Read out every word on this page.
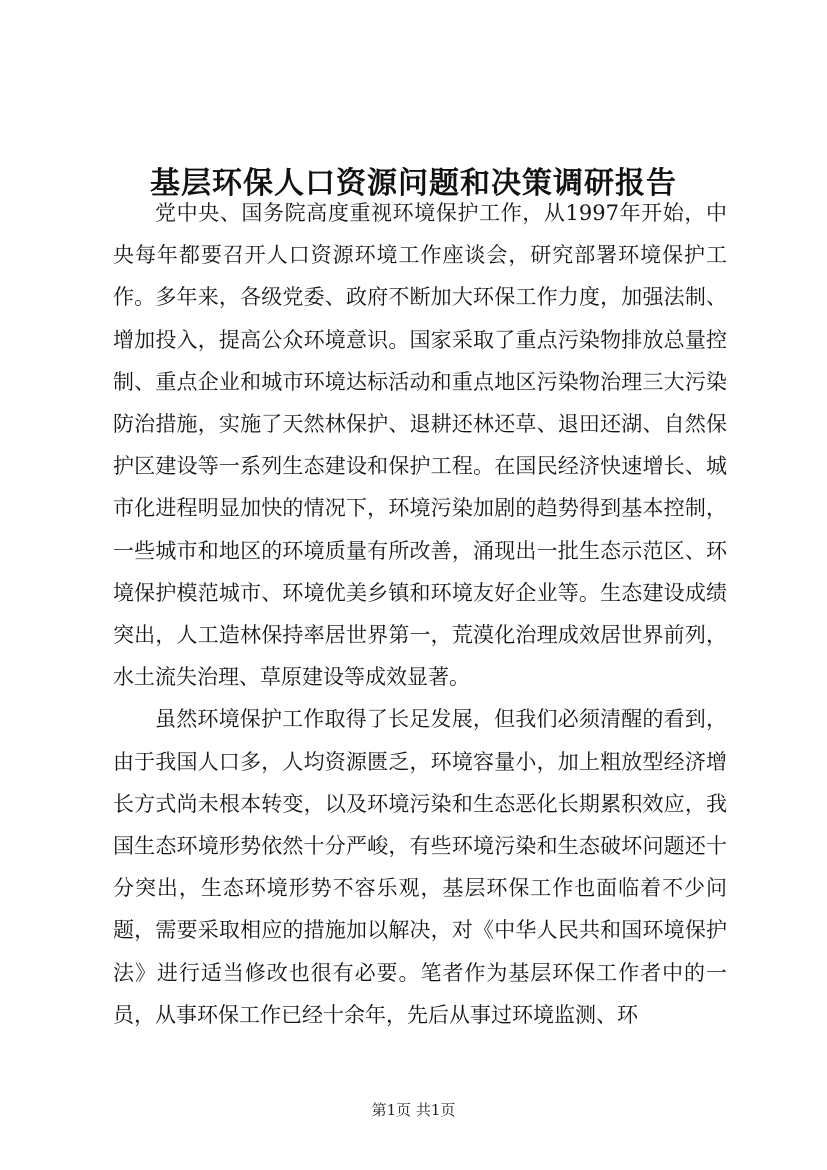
基层环保人口资源问题和决策调研报告

党中央、国务院高度重视环境保护工作，从1997年开始，中央每年都要召开人口资源环境工作座谈会，研究部署环境保护工作。多年来，各级党委、政府不断加大环保工作力度，加强法制、增加投入，提高公众环境意识。国家采取了重点污染物排放总量控制、重点企业和城市环境达标活动和重点地区污染物治理三大污染防治措施，实施了天然林保护、退耕还林还草、退田还湖、自然保护区建设等一系列生态建设和保护工程。在国民经济快速增长、城市化进程明显加快的情况下，环境污染加剧的趋势得到基本控制，一些城市和地区的环境质量有所改善，涌现出一批生态示范区、环境保护模范城市、环境优美乡镇和环境友好企业等。生态建设成绩突出，人工造林保持率居世界第一，荒漠化治理成效居世界前列，水土流失治理、草原建设等成效显著。

虽然环境保护工作取得了长足发展，但我们必须清醒的看到，由于我国人口多，人均资源匮乏，环境容量小，加上粗放型经济增长方式尚未根本转变，以及环境污染和生态恶化长期累积效应，我国生态环境形势依然十分严峻，有些环境污染和生态破坏问题还十分突出，生态环境形势不容乐观，基层环保工作也面临着不少问题，需要采取相应的措施加以解决，对《中华人民共和国环境保护法》进行适当修改也很有必要。笔者作为基层环保工作者中的一员，从事环保工作已经十余年，先后从事过环境监测、环

第1页 共1页
